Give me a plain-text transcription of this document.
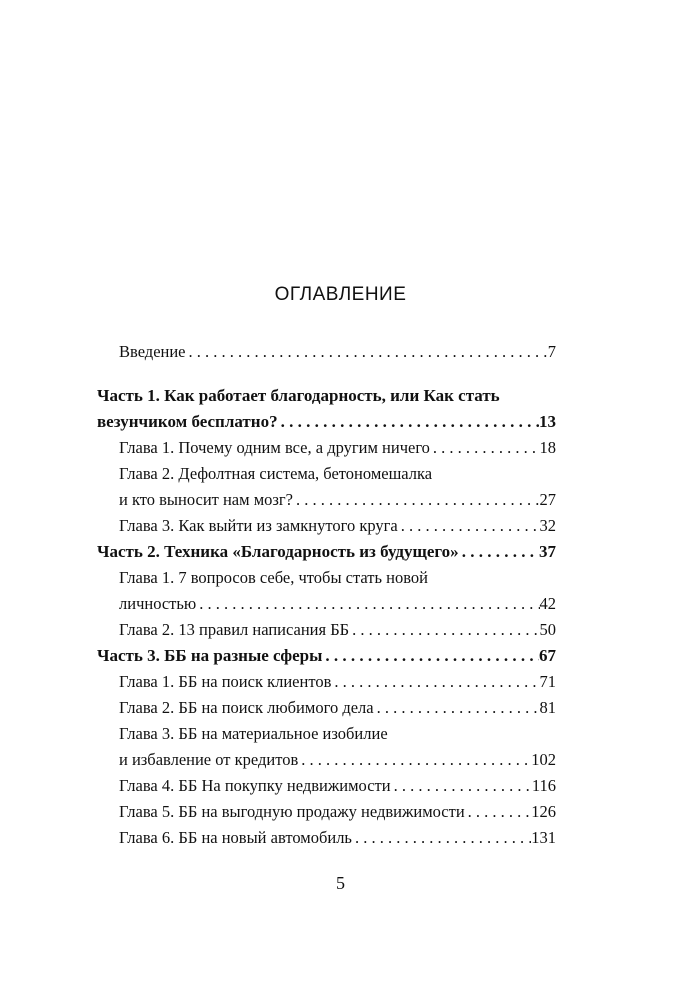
ОГЛАВЛЕНИЕ
Введение . . .	7
Часть 1. Как работает благодарность, или Как стать
везунчиком бесплатно? . . .	13
Глава 1. Почему одним все, а другим ничего . . .	18
Глава 2. Дефолтная система, бетономешалка
и кто выносит нам мозг? . . .	27
Глава 3. Как выйти из замкнутого круга . . .	32
Часть 2. Техника «Благодарность из будущего» . . .	37
Глава 1. 7 вопросов себе, чтобы стать новой
личностью . . .	42
Глава 2. 13 правил написания ББ . . .	50
Часть 3. ББ на разные сферы . . .	67
Глава 1. ББ на поиск клиентов . . .	71
Глава 2. ББ на поиск любимого дела . . .	81
Глава 3. ББ на материальное изобилие
и избавление от кредитов . . .	102
Глава 4. ББ На покупку недвижимости . . .	116
Глава 5. ББ на выгодную продажу недвижимости . . .	126
Глава 6. ББ на новый автомобиль . . .	131
5
